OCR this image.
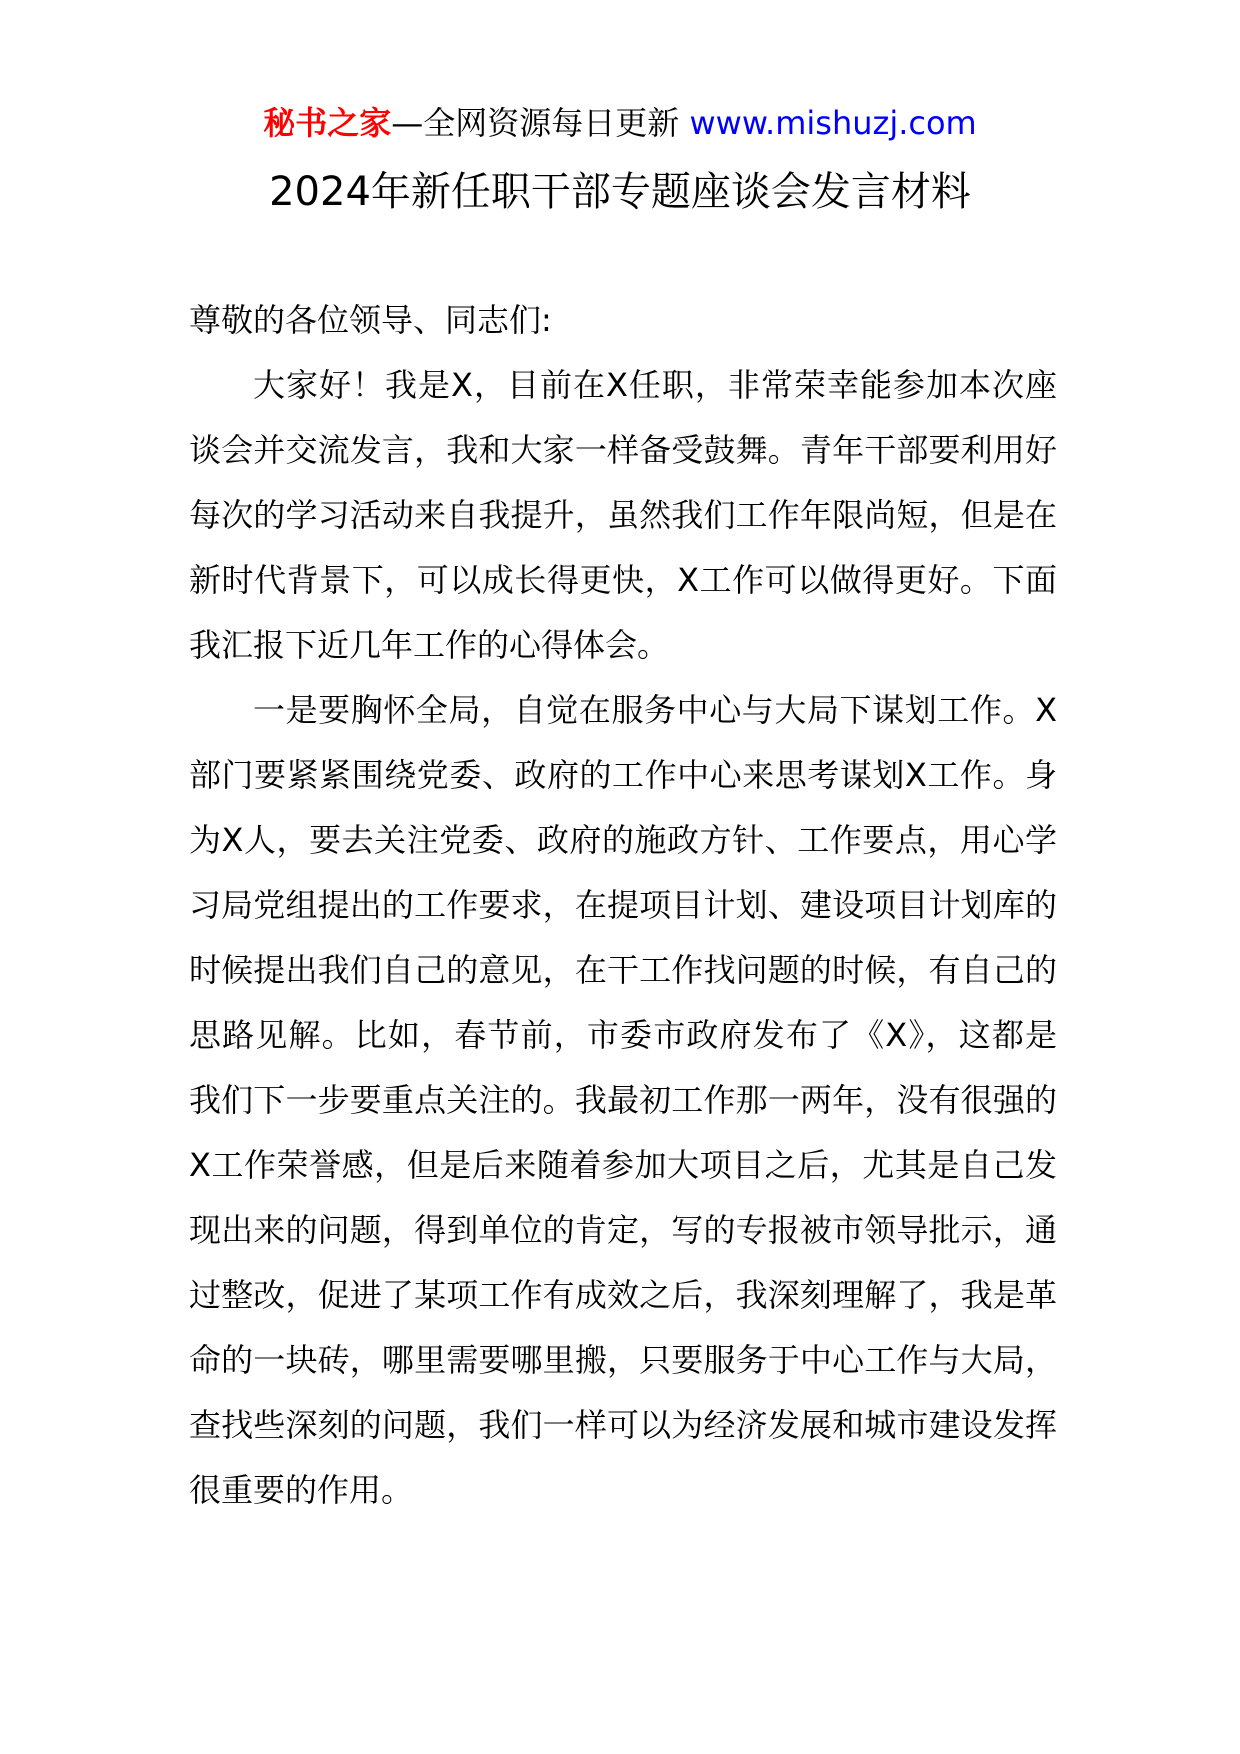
秘书之家—全网资源每日更新 www.mishuzj.com
2024年新任职干部专题座谈会发言材料

尊敬的各位领导、同志们:

大家好！我是X，目前在X任职，非常荣幸能参加本次座谈会并交流发言，我和大家一样备受鼓舞。青年干部要利用好每次的学习活动来自我提升，虽然我们工作年限尚短，但是在新时代背景下，可以成长得更快，X工作可以做得更好。下面我汇报下近几年工作的心得体会。

一是要胸怀全局，自觉在服务中心与大局下谋划工作。X部门要紧紧围绕党委、政府的工作中心来思考谋划X工作。身为X人，要去关注党委、政府的施政方针、工作要点，用心学习局党组提出的工作要求，在提项目计划、建设项目计划库的时候提出我们自己的意见，在干工作找问题的时候，有自己的思路见解。比如，春节前，市委市政府发布了《X》，这都是我们下一步要重点关注的。我最初工作那一两年，没有很强的X工作荣誉感，但是后来随着参加大项目之后，尤其是自己发现出来的问题，得到单位的肯定，写的专报被市领导批示，通过整改，促进了某项工作有成效之后，我深刻理解了，我是革命的一块砖，哪里需要哪里搬，只要服务于中心工作与大局，查找些深刻的问题，我们一样可以为经济发展和城市建设发挥很重要的作用。
